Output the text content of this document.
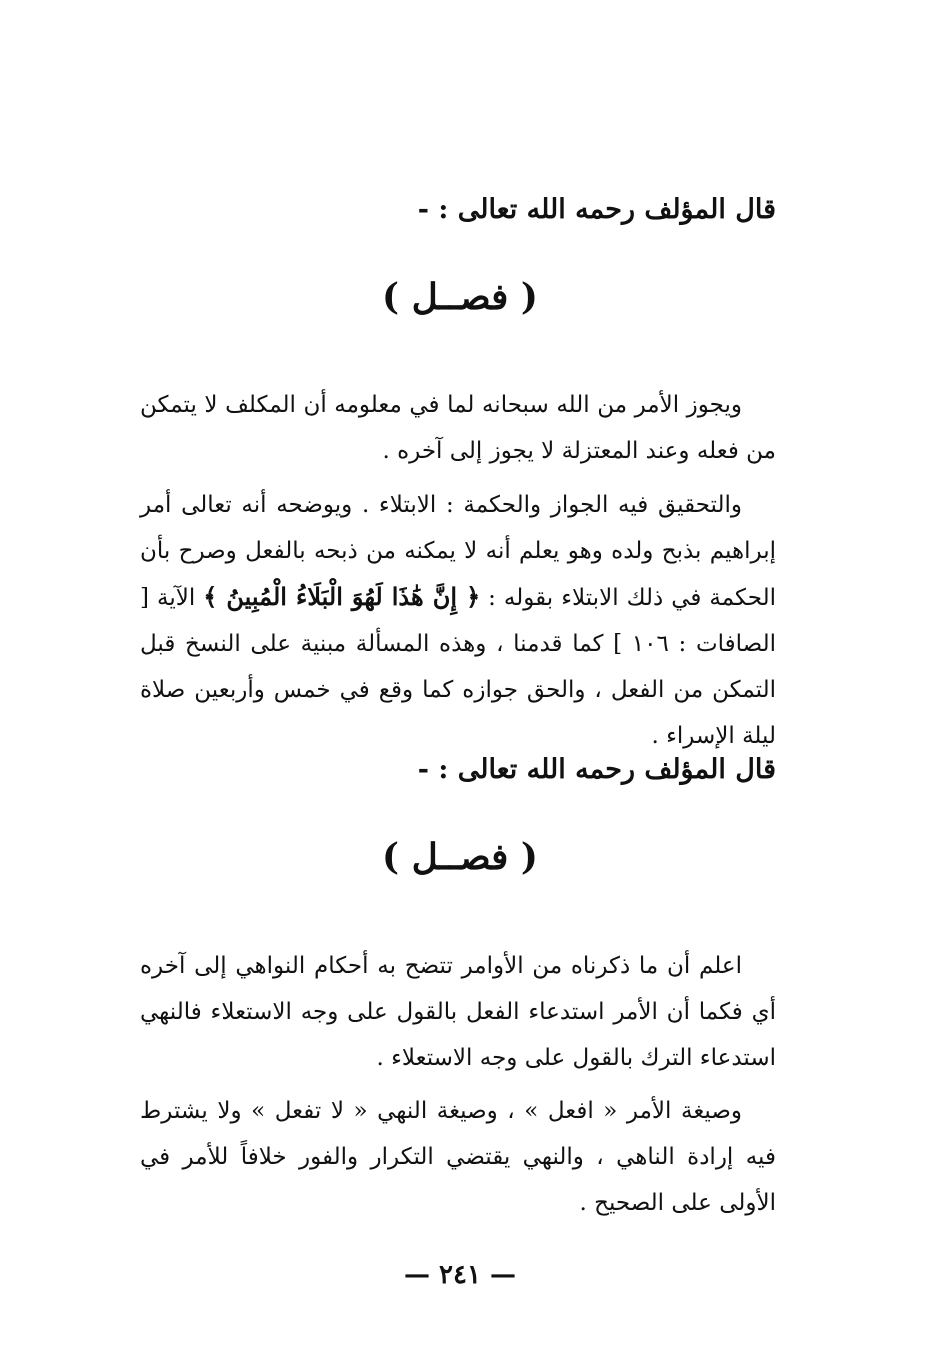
قال المؤلف رحمه الله تعالى : -
( فصــل )
ويجوز الأمر من الله سبحانه لما في معلومه أن المكلف لا يتمكن من فعله وعند المعتزلة لا يجوز إلى آخره .
والتحقيق فيه الجواز والحكمة : الابتلاء . ويوضحه أنه تعالى أمر إبراهيم بذبح ولده وهو يعلم أنه لا يمكنه من ذبحه بالفعل وصرح بأن الحكمة في ذلك الابتلاء بقوله : ﴿ إِنَّ هَٰذَا لَهُوَ الْبَلَاءُ الْمُبِينُ ﴾ الآية [ الصافات : ١٠٦ ] كما قدمنا ، وهذه المسألة مبنية على النسخ قبل التمكن من الفعل ، والحق جوازه كما وقع في خمس وأربعين صلاة ليلة الإسراء .
قال المؤلف رحمه الله تعالى : -
( فصــل )
اعلم أن ما ذكرناه من الأوامر تتضح به أحكام النواهي إلى آخره أي فكما أن الأمر استدعاء الفعل بالقول على وجه الاستعلاء فالنهي استدعاء الترك بالقول على وجه الاستعلاء .
وصيغة الأمر « افعل » ، وصيغة النهي « لا تفعل » ولا يشترط فيه إرادة الناهي ، والنهي يقتضي التكرار والفور خلافاً للأمر في الأولى على الصحيح .
— ٢٤١ —
